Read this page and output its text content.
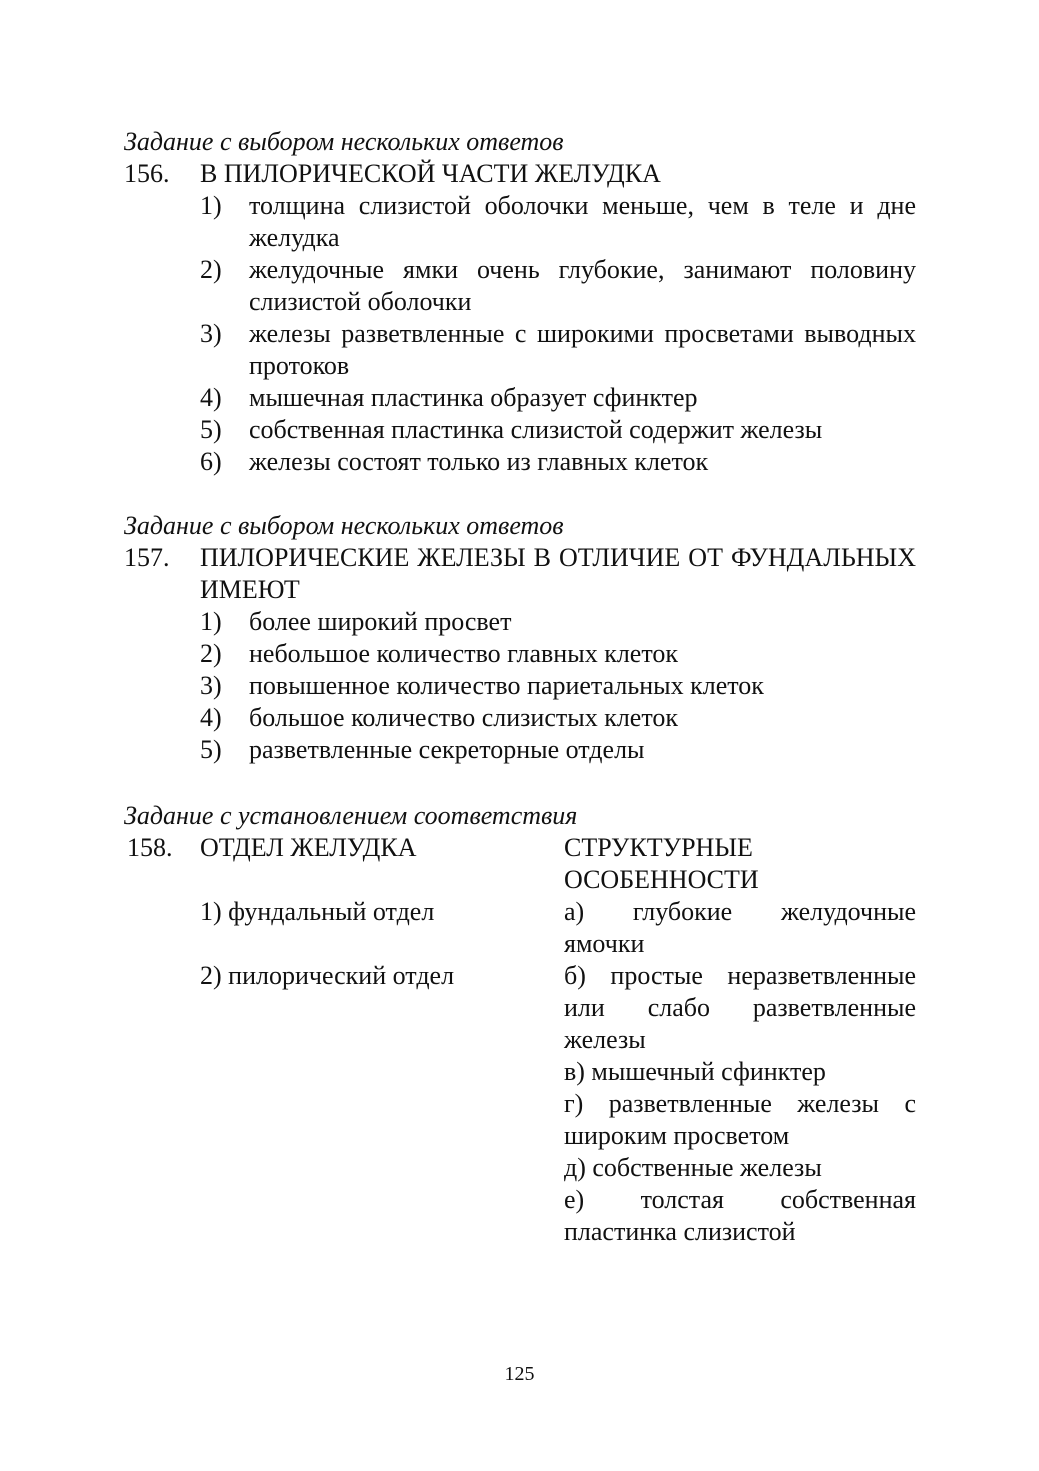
Задание с выбором нескольких ответов
156. В ПИЛОРИЧЕСКОЙ ЧАСТИ ЖЕЛУДКА
1) толщина слизистой оболочки меньше, чем в теле и дне желудка
2) желудочные ямки очень глубокие, занимают половину слизистой оболочки
3) железы разветвленные с широкими просветами выводных протоков
4) мышечная пластинка образует сфинктер
5) собственная пластинка слизистой содержит железы
6) железы состоят только из главных клеток
Задание с выбором нескольких ответов
157. ПИЛОРИЧЕСКИЕ ЖЕЛЕЗЫ В ОТЛИЧИЕ ОТ ФУНДАЛЬНЫХ ИМЕЮТ
1) более широкий просвет
2) небольшое количество главных клеток
3) повышенное количество париетальных клеток
4) большое количество слизистых клеток
5) разветвленные секреторные отделы
Задание с установлением соответствия
158. ОТДЕЛ ЖЕЛУДКА	СТРУКТУРНЫЕ ОСОБЕННОСТИ
1) фундальный отдел
2) пилорический отдел
а) глубокие желудочные ямочки
б) простые неразветвленные или слабо разветвленные железы
в) мышечный сфинктер
г) разветвленные железы с широким просветом
д) собственные железы
е) толстая собственная пластинка слизистой
125
